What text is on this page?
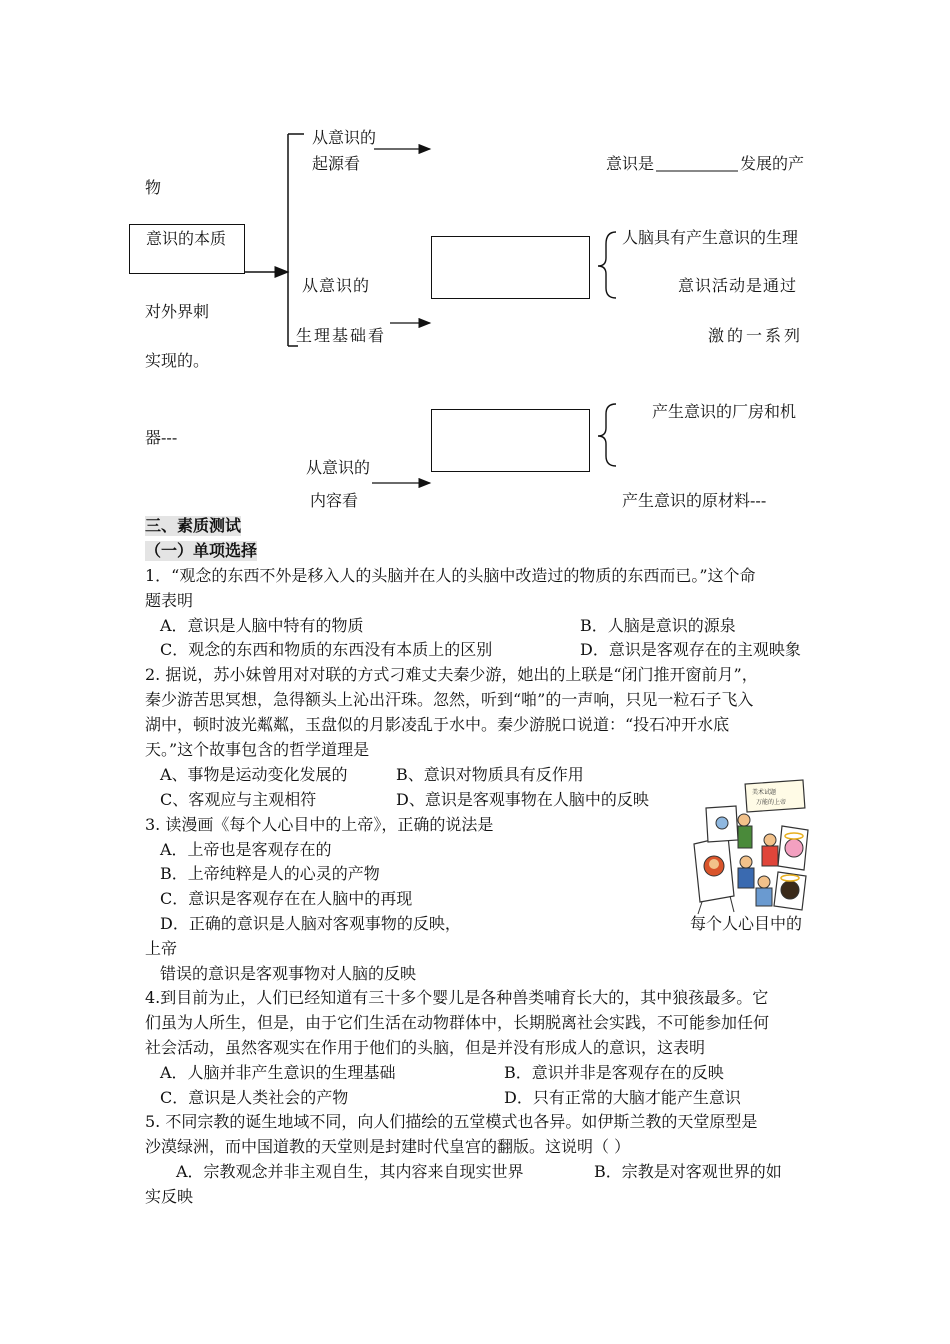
从意识的
起源看	意识是	发展的产
物
意识的本质	人脑具有产生意识的生理
从意识的	意识活动是通过
对外界刺
生理基础看	激的一系列
实现的。
产生意识的厂房和机
器---
从意识的
内容看	产生意识的原材料---
三、素质测试
（一）单项选择
1．“观念的东西不外是移入人的头脑并在人的头脑中改造过的物质的东西而已。”这个命
题表明
A．意识是人脑中特有的物质	B．人脑是意识的源泉
C．观念的东西和物质的东西没有本质上的区别	D．意识是客观存在的主观映象
2. 据说，苏小妹曾用对对联的方式刁难丈夫秦少游，她出的上联是“闭门推开窗前月”，
秦少游苦思冥想，急得额头上沁出汗珠。忽然，听到“啪”的一声响，只见一粒石子飞入
湖中，顿时波光粼粼，玉盘似的月影凌乱于水中。秦少游脱口说道：“投石冲开水底
天。”这个故事包含的哲学道理是
A、事物是运动变化发展的	B、意识对物质具有反作用
C、客观应与主观相符	D、意识是客观事物在人脑中的反映
3. 读漫画《每个人心目中的上帝》，正确的说法是
A．上帝也是客观存在的
B．上帝纯粹是人的心灵的产物
C．意识是客观存在在人脑中的再现
D．正确的意识是人脑对客观事物的反映，	每个人心目中的
上帝
错误的意识是客观事物对人脑的反映
美术试题
万能的上帝
4.到目前为止，人们已经知道有三十多个婴儿是各种兽类哺育长大的，其中狼孩最多。它
们虽为人所生，但是，由于它们生活在动物群体中，长期脱离社会实践，不可能参加任何
社会活动，虽然客观实在作用于他们的头脑，但是并没有形成人的意识，这表明
A．人脑并非产生意识的生理基础	B．意识并非是客观存在的反映
C．意识是人类社会的产物	D．只有正常的大脑才能产生意识
5. 不同宗教的诞生地域不同，向人们描绘的五堂模式也各异。如伊斯兰教的天堂原型是
沙漠绿洲，而中国道教的天堂则是封建时代皇宫的翻版。这说明（ ）
A．宗教观念并非主观自生，其内容来自现实世界	B．宗教是对客观世界的如
实反映
